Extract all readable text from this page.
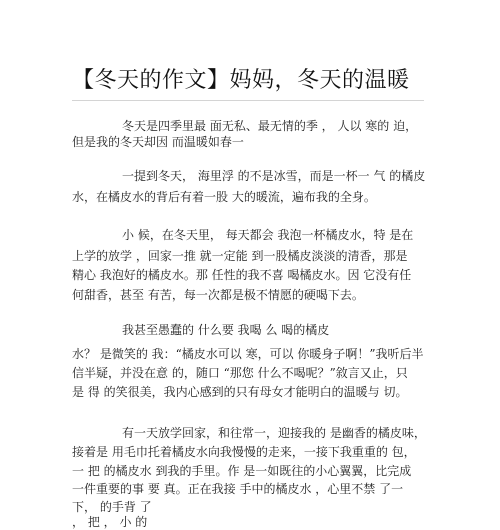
【冬天的作文】妈妈，冬天的温暖
冬天是四季里最 面无私、最无情的季 ， 人以 寒的 迫，
但是我的冬天却因 而温暖如春一
一提到冬天， 海里浮 的不是冰雪，而是一杯一 气 的橘皮
水，在橘皮水的背后有着一股 大的暖流，遍布我的全身。
小 候，在冬天里， 每天都会 我泡一杯橘皮水，特 是在
上学的放学 ，回家一推 就一定能 到一股橘皮淡淡的清香，那是
精心 我泡好的橘皮水。那 任性的我不喜 喝橘皮水。因 它没有任
何甜香，甚至 有苦，每一次都是极不情愿的硬喝下去。
我甚至愚蠢的 什么要 我喝 么 喝的橘皮
水？ 是微笑的 我：“橘皮水可以 寒，可以 你暖身子啊！”我听后半
信半疑，并没在意 的，随口 “那您 什么不喝呢？”敘言又止，只
是 得 的笑很美，我内心感到的只有母女才能明白的温暖与 切。
有一天放学回家，和往常一，迎接我的 是幽香的橘皮味，
接着是 用毛巾托着橘皮水向我慢慢的走来，一接下我重重的 包，
一 把 的橘皮水 到我的手里。作 是一如既往的小心翼翼，比完成
一件重要的事 要 真。正在我接 手中的橘皮水 ，心里不禁 了一
下， 的手背 了
， 把 ， 小 的
